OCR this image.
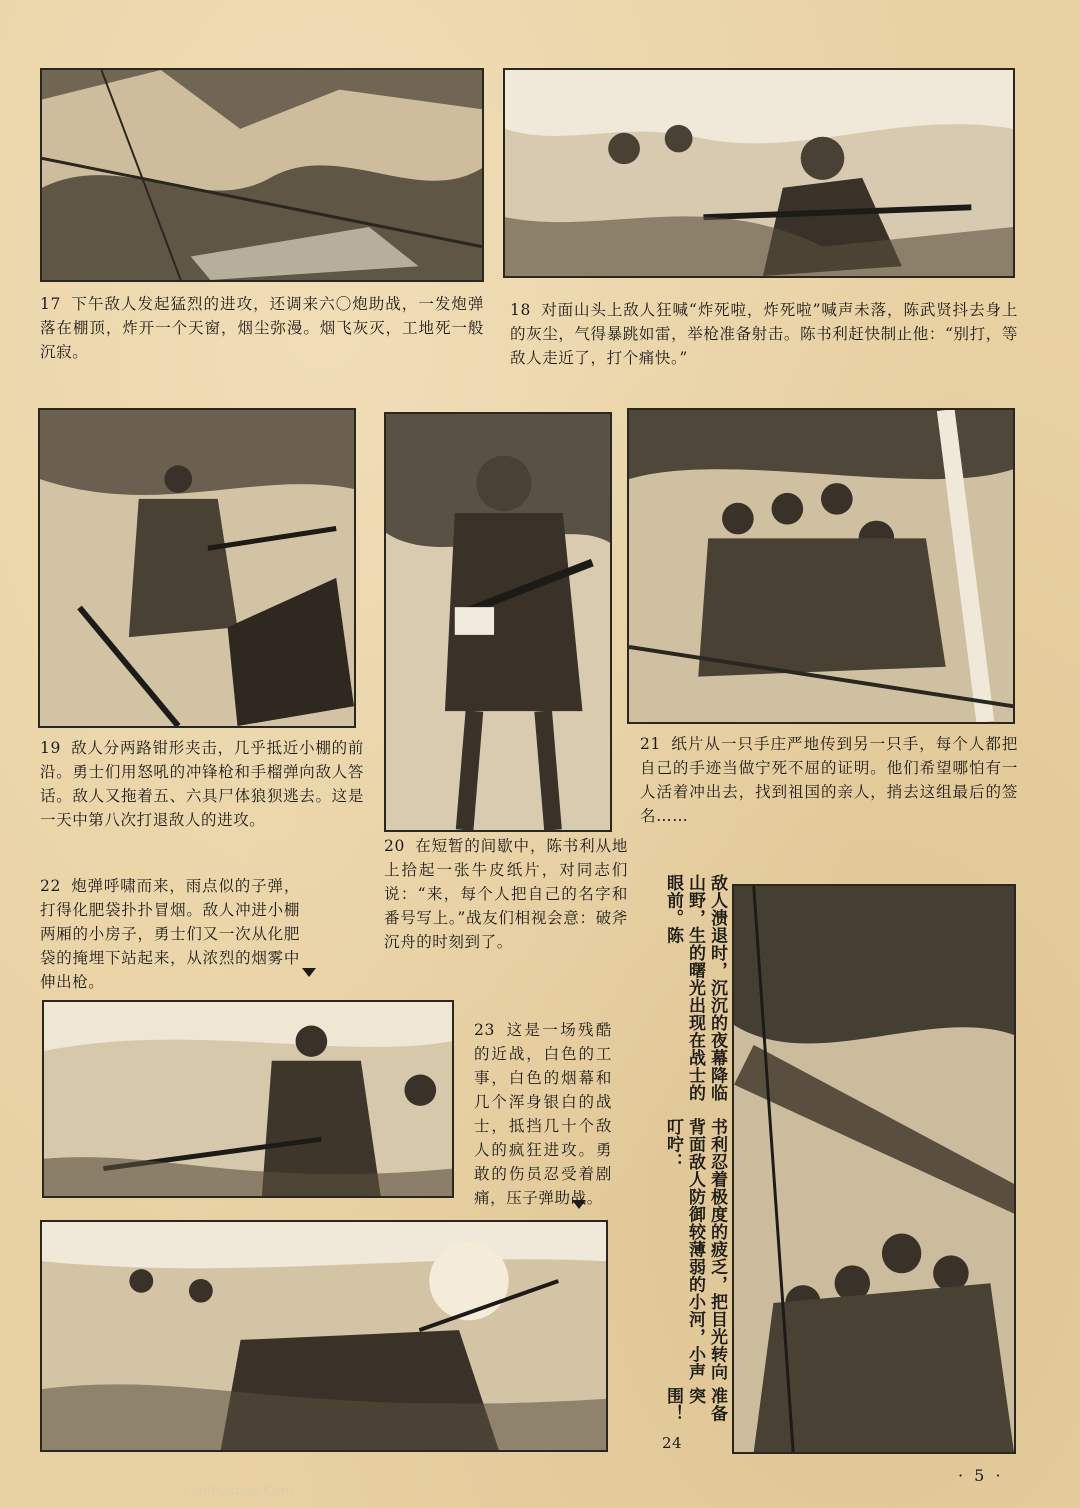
17 下午敌人发起猛烈的进攻，还调来六〇炮助战，一发炮弹落在棚顶，炸开一个天窗，烟尘弥漫。烟飞灰灭，工地死一般沉寂。
18 对面山头上敌人狂喊“炸死啦，炸死啦”喊声未落，陈武贤抖去身上的灰尘，气得暴跳如雷，举枪准备射击。陈书利赶快制止他：“别打，等敌人走近了，打个痛快。”
19 敌人分两路钳形夹击，几乎抵近小棚的前沿。勇士们用怒吼的冲锋枪和手榴弹向敌人答话。敌人又拖着五、六具尸体狼狈逃去。这是一天中第八次打退敌人的进攻。
20 在短暂的间歇中，陈书利从地上拾起一张牛皮纸片，对同志们说：“来，每个人把自己的名字和番号写上。”战友们相视会意：破斧沉舟的时刻到了。
21 纸片从一只手庄严地传到另一只手，每个人都把自己的手迹当做宁死不屈的证明。他们希望哪怕有一人活着冲出去，找到祖国的亲人，捎去这组最后的签名……
22 炮弹呼啸而来，雨点似的子弹，打得化肥袋扑扑冒烟。敌人冲进小棚两厢的小房子，勇士们又一次从化肥袋的掩埋下站起来，从浓烈的烟雾中伸出枪。
23 这是一场残酷的近战，白色的工事，白色的烟幕和几个浑身银白的战士，抵挡几十个敌人的疯狂进攻。勇敢的伤员忍受着剧痛，压子弹助战。
24
准备突围！
书利忍着极度的疲乏，把目光转向背面敌人防御较薄弱的小河，小声叮咛：
敌人溃退时，沉沉的夜幕降临山野，生的曙光出现在战士的眼前。陈
· 5 ·
Lianhuabao.Com
